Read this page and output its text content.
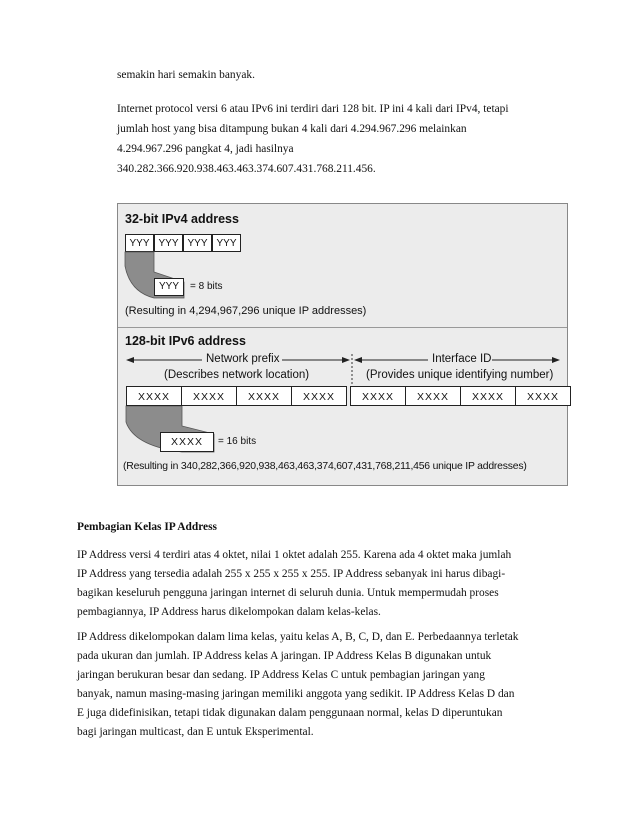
semakin hari semakin banyak.
Internet protocol versi 6 atau IPv6 ini terdiri dari 128 bit. IP ini 4 kali dari IPv4, tetapi
jumlah host yang bisa ditampung bukan 4 kali dari 4.294.967.296 melainkan
4.294.967.296 pangkat 4, jadi hasilnya
340.282.366.920.938.463.463.374.607.431.768.211.456.
32-bit IPv4 address
YYY YYY YYY YYY
YYY	= 8 bits
(Resulting in 4,294,967,296 unique IP addresses)
128-bit IPv6 address
Network prefix
(Describes network location)
Interface ID
(Provides unique identifying number)
XXXX	XXXX	XXXX	XXXX	XXXX	XXXX	XXXX	XXXX
XXXX	= 16 bits
(Resulting in 340,282,366,920,938,463,463,374,607,431,768,211,456 unique IP addresses)
Pembagian Kelas IP Address
IP Address versi 4 terdiri atas 4 oktet, nilai 1 oktet adalah 255. Karena ada 4 oktet maka jumlah
IP Address yang tersedia adalah 255 x 255 x 255 x 255. IP Address sebanyak ini harus dibagi-
bagikan keseluruh pengguna jaringan internet di seluruh dunia. Untuk mempermudah proses
pembagiannya, IP Address harus dikelompokan dalam kelas-kelas.
IP Address dikelompokan dalam lima kelas, yaitu kelas A, B, C, D, dan E. Perbedaannya terletak
pada ukuran dan jumlah. IP Address kelas A jaringan. IP Address Kelas B digunakan untuk
jaringan berukuran besar dan sedang. IP Address Kelas C untuk pembagian jaringan yang
banyak, namun masing-masing jaringan memiliki anggota yang sedikit. IP Address Kelas D dan
E juga didefinisikan, tetapi tidak digunakan dalam penggunaan normal, kelas D diperuntukan
bagi jaringan multicast, dan E untuk Eksperimental.
